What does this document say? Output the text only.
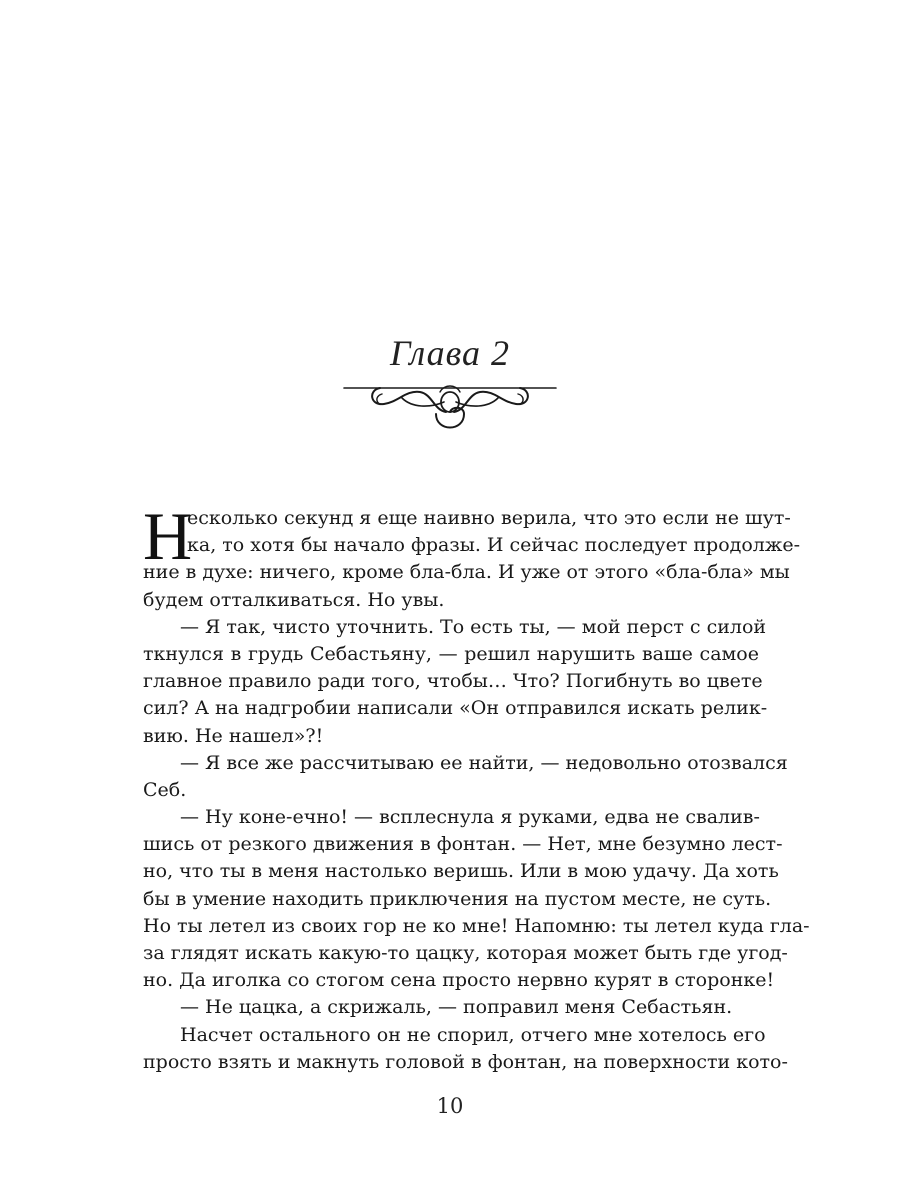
Глава 2
Н
есколько секунд я еще наивно верила, что это если не шут-
ка, то хотя бы начало фразы. И сейчас последует продолже-
ние в духе: ничего, кроме бла-бла. И уже от этого «бла-бла» мы
будем отталкиваться. Но увы.
— Я так, чисто уточнить. То есть ты, — мой перст с силой
ткнулся в грудь Себастьяну, — решил нарушить ваше самое
главное правило ради того, чтобы… Что? Погибнуть во цвете
сил? А на надгробии написали «Он отправился искать релик-
вию. Не нашел»?!
— Я все же рассчитываю ее найти, — недовольно отозвался
Себ.
— Ну коне-ечно! — всплеснула я руками, едва не свалив-
шись от резкого движения в фонтан. — Нет, мне безумно лест-
но, что ты в меня настолько веришь. Или в мою удачу. Да хоть
бы в умение находить приключения на пустом месте, не суть.
Но ты летел из своих гор не ко мне! Напомню: ты летел куда гла-
за глядят искать какую-то цацку, которая может быть где угод-
но. Да иголка со стогом сена просто нервно курят в сторонке!
— Не цацка, а скрижаль, — поправил меня Себастьян.
Насчет остального он не спорил, отчего мне хотелось его
просто взять и макнуть головой в фонтан, на поверхности кото-
10
